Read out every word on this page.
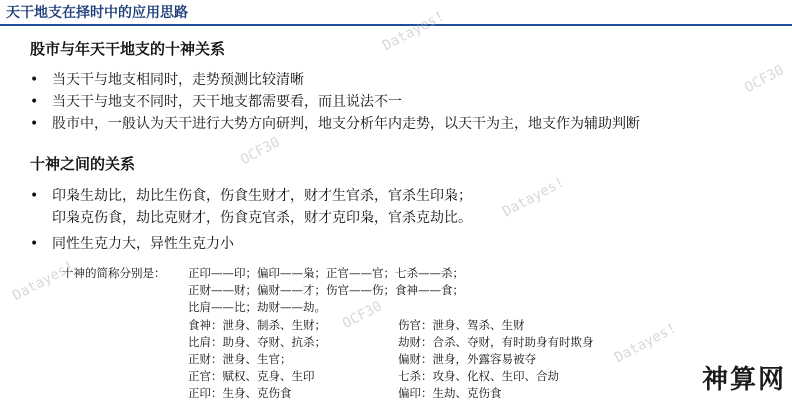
天干地支在择时中的应用思路
股市与年天干地支的十神关系
• 当天干与地支相同时，走势预测比较清晰
• 当天干与地支不同时，天干地支都需要看，而且说法不一
• 股市中，一般认为天干进行大势方向研判，地支分析年内走势，以天干为主，地支作为辅助判断
十神之间的关系
• 印枭生劫比，劫比生伤食，伤食生财才，财才生官杀，官杀生印枭；
印枭克伤食，劫比克财才，伤食克官杀，财才克印枭，官杀克劫比。
• 同性生克力大，异性生克力小
十神的简称分别是： 正印——印；偏印——枭；正官——官；七杀——杀；
正财——财；偏财——才；伤官——伤；食神——食；
比肩——比；劫财——劫。
食神：泄身、制杀、生财；
比肩：助身、夺财、抗杀；
正财：泄身、生官；
正官：赋权、克身、生印
正印：生身、克伤食
伤官：泄身、驾杀、生财
劫财：合杀、夺财，有时助身有时欺身
偏财：泄身，外露容易被夺
七杀：攻身、化权、生印、合劫
偏印：生劫、克伤食
Datayes!
OCF30
Datayes!
OCF30
Datayes!
OCF30
Datayes!
神算网
